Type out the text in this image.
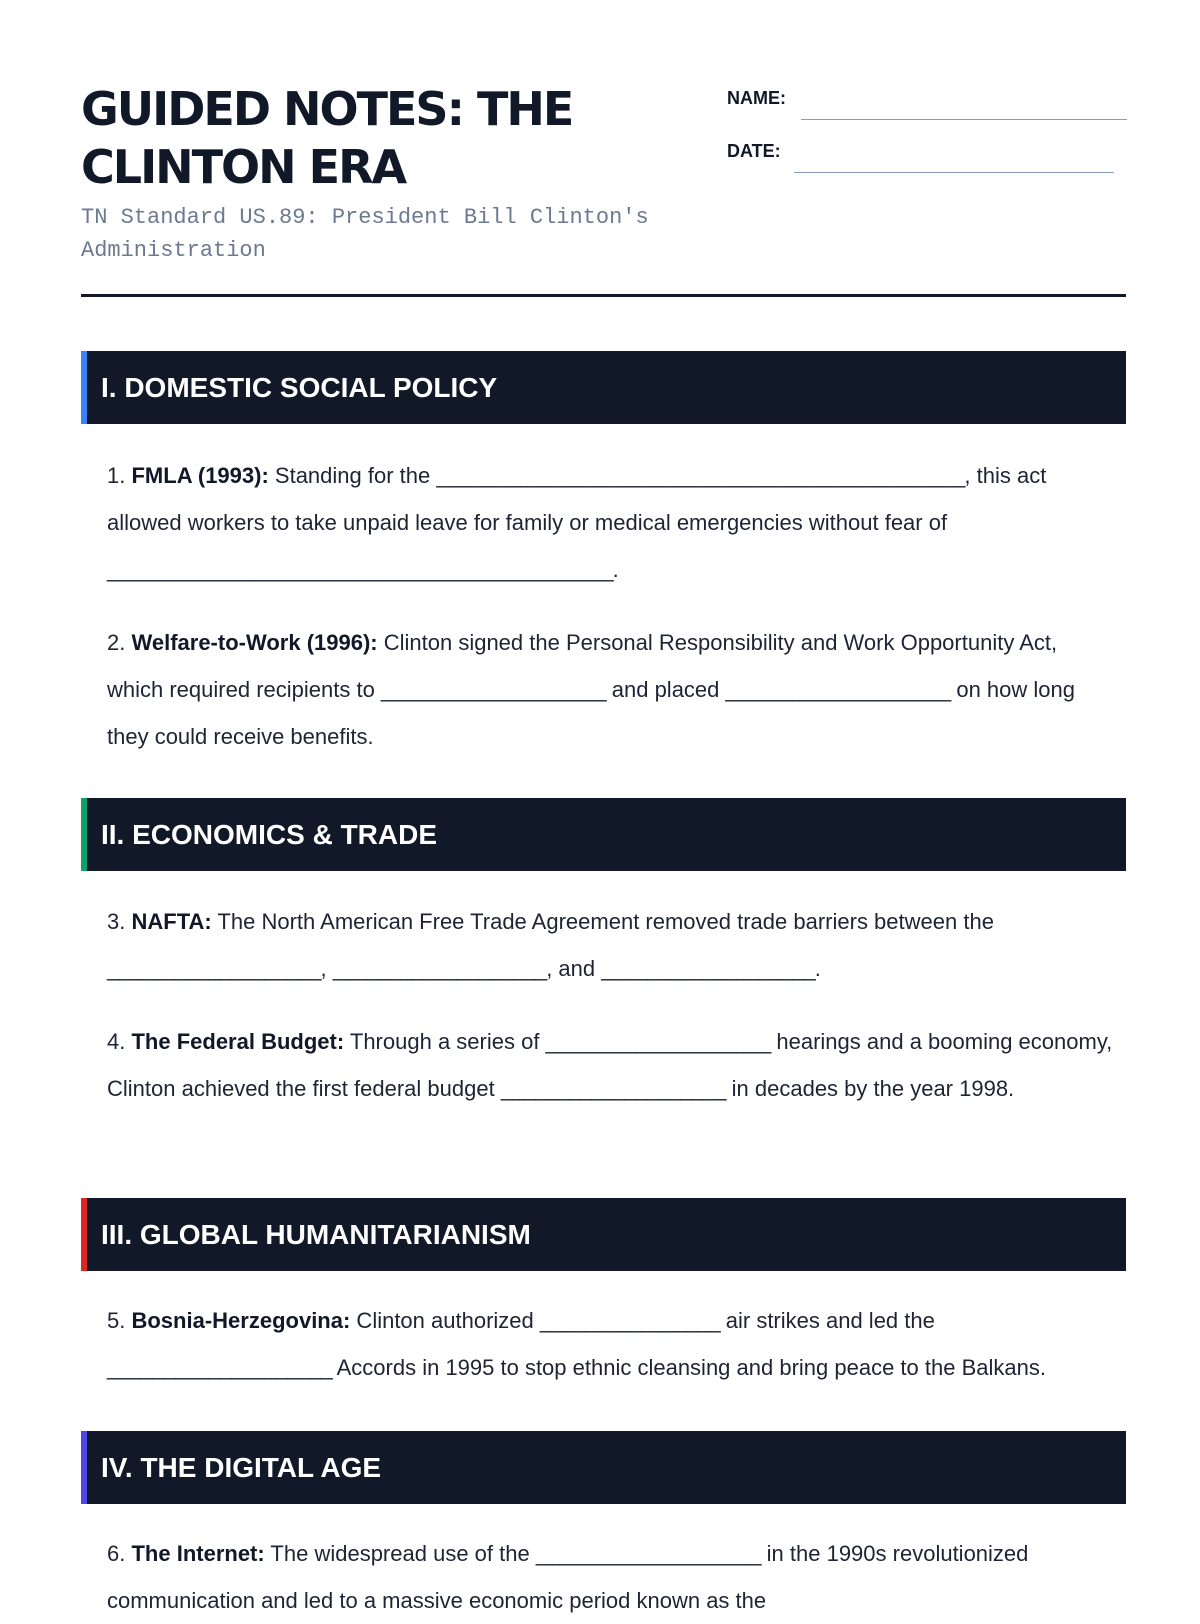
GUIDED NOTES: THE CLINTON ERA
TN Standard US.89: President Bill Clinton's Administration
NAME:
DATE:
I. DOMESTIC SOCIAL POLICY
1. FMLA (1993): Standing for the _______________________________________________, this act allowed workers to take unpaid leave for family or medical emergencies without fear of _____________________________________________.
2. Welfare-to-Work (1996): Clinton signed the Personal Responsibility and Work Opportunity Act, which required recipients to ____________________ and placed ____________________ on how long they could receive benefits.
II. ECONOMICS & TRADE
3. NAFTA: The North American Free Trade Agreement removed trade barriers between the ___________________, ___________________, and ___________________.
4. The Federal Budget: Through a series of ____________________ hearings and a booming economy, Clinton achieved the first federal budget ____________________ in decades by the year 1998.
III. GLOBAL HUMANITARIANISM
5. Bosnia-Herzegovina: Clinton authorized ________________ air strikes and led the ____________________ Accords in 1995 to stop ethnic cleansing and bring peace to the Balkans.
IV. THE DIGITAL AGE
6. The Internet: The widespread use of the ____________________ in the 1990s revolutionized communication and led to a massive economic period known as the
